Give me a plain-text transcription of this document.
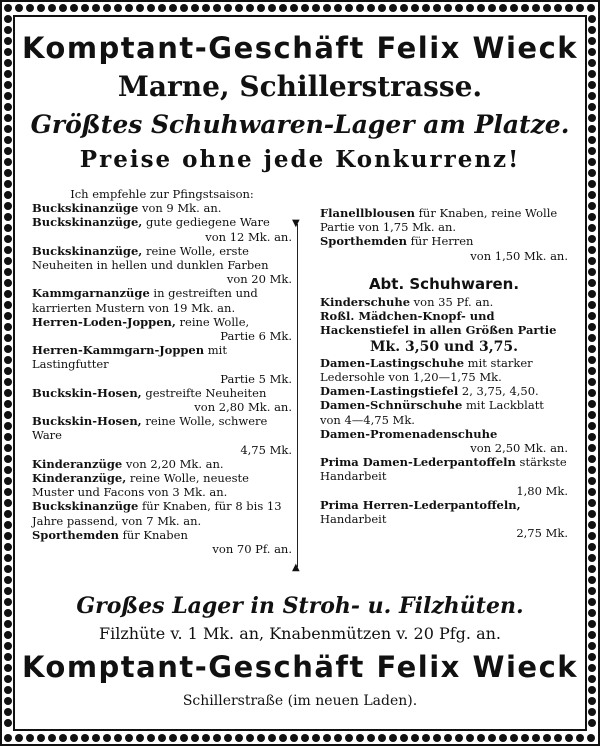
Komptant-Geschäft Felix Wieck
Marne, Schillerstrasse.
Größtes Schuhwaren-Lager am Platze.
Preise ohne jede Konkurrenz!
Ich empfehle zur Pfingstsaison:
Buckskinanzüge von 9 Mk. an.
Buckskinanzüge, gute gediegene Ware
von 12 Mk. an.
Buckskinanzüge, reine Wolle, erste Neuheiten in hellen und dunklen Farben
von 20 Mk.
Kammgarnanzüge in gestreiften und karrierten Mustern von 19 Mk. an.
Herren-Loden-Joppen, reine Wolle,
Partie 6 Mk.
Herren-Kammgarn-Joppen mit Lastingfutter
Partie 5 Mk.
Buckskin-Hosen, gestreifte Neuheiten
von 2,80 Mk. an.
Buckskin-Hosen, reine Wolle, schwere Ware
4,75 Mk.
Kinderanzüge von 2,20 Mk. an.
Kinderanzüge, reine Wolle, neueste Muster und Facons von 3 Mk. an.
Buckskinanzüge für Knaben, für 8 bis 13 Jahre passend, von 7 Mk. an.
Sporthemden für Knaben
von 70 Pf. an.
▼
▲
Flanellblousen für Knaben, reine Wolle Partie von 1,75 Mk. an.
Sporthemden für Herren
von 1,50 Mk. an.
Abt. Schuhwaren.
Kinderschuhe von 35 Pf. an.
Roßl. Mädchen-Knopf- und Hackenstiefel in allen Größen Partie
Mk. 3,50 und 3,75.
Damen-Lastingschuhe mit starker Ledersohle von 1,20—1,75 Mk.
Damen-Lastingstiefel 2, 3,75, 4,50.
Damen-Schnürschuhe mit Lackblatt von 4—4,75 Mk.
Damen-Promenadenschuhe
von 2,50 Mk. an.
Prima Damen-Lederpantoffeln stärkste Handarbeit
1,80 Mk.
Prima Herren-Lederpantoffeln, Handarbeit
2,75 Mk.
Großes Lager in Stroh- u. Filzhüten.
Filzhüte v. 1 Mk. an, Knabenmützen v. 20 Pfg. an.
Komptant-Geschäft Felix Wieck
Schillerstraße (im neuen Laden).
